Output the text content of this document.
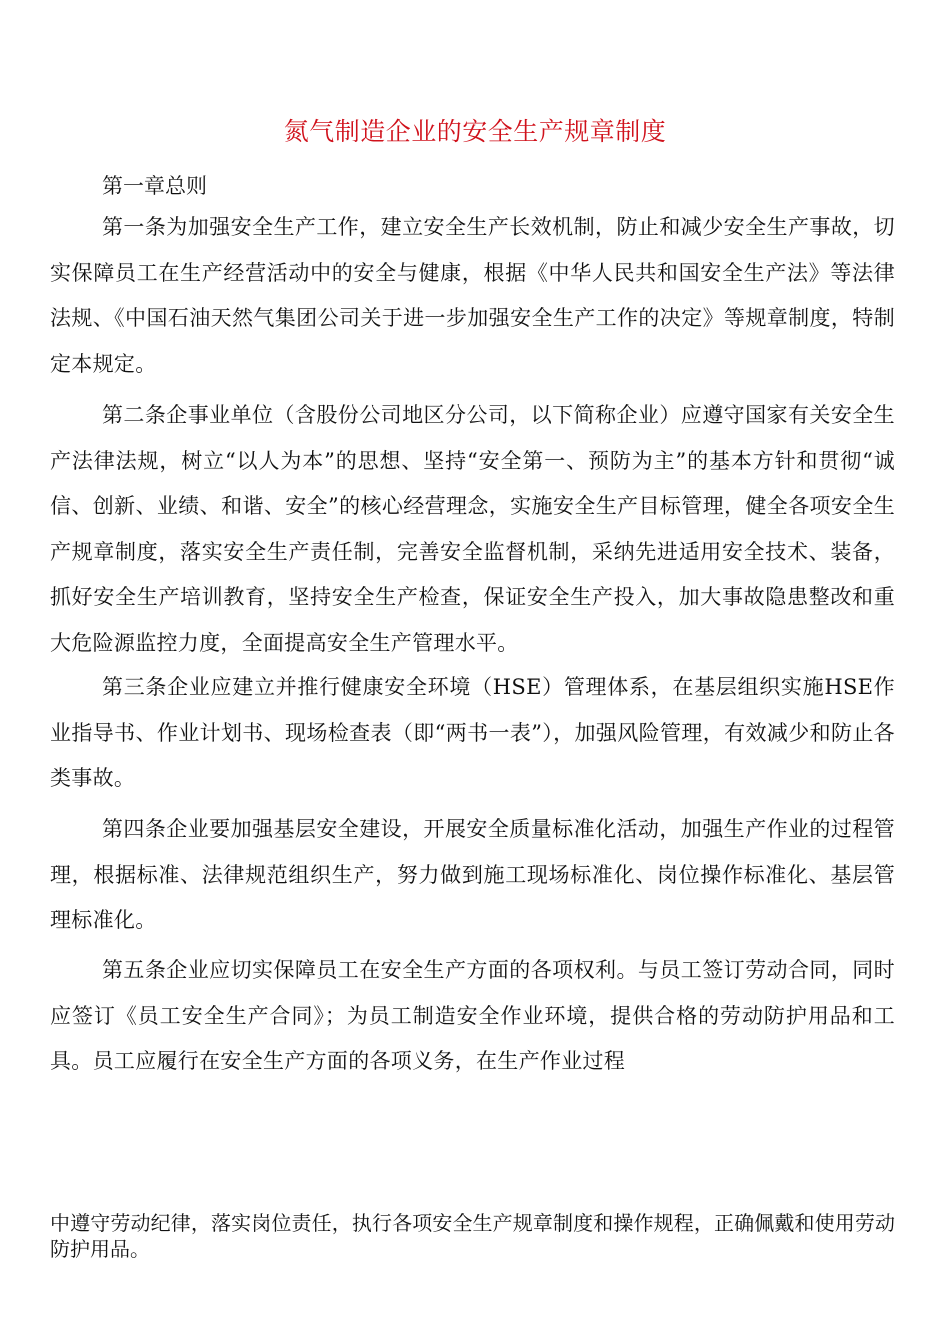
氮气制造企业的安全生产规章制度

第一章总则

第一条为加强安全生产工作，建立安全生产长效机制，防止和减少安全生产事故，切实保障员工在生产经营活动中的安全与健康，根据《中华人民共和国安全生产法》等法律法规、《中国石油天然气集团公司关于进一步加强安全生产工作的决定》等规章制度，特制定本规定。

第二条企事业单位（含股份公司地区分公司，以下简称企业）应遵守国家有关安全生产法律法规，树立“以人为本”的思想、坚持“安全第一、预防为主”的基本方针和贯彻“诚信、创新、业绩、和谐、安全”的核心经营理念，实施安全生产目标管理，健全各项安全生产规章制度，落实安全生产责任制，完善安全监督机制，采纳先进适用安全技术、装备，抓好安全生产培训教育，坚持安全生产检查，保证安全生产投入，加大事故隐患整改和重大危险源监控力度，全面提高安全生产管理水平。

第三条企业应建立并推行健康安全环境（HSE）管理体系，在基层组织实施HSE作业指导书、作业计划书、现场检查表（即“两书一表”），加强风险管理，有效减少和防止各类事故。

第四条企业要加强基层安全建设，开展安全质量标准化活动，加强生产作业的过程管理，根据标准、法律规范组织生产，努力做到施工现场标准化、岗位操作标准化、基层管理标准化。

第五条企业应切实保障员工在安全生产方面的各项权利。与员工签订劳动合同，同时应签订《员工安全生产合同》；为员工制造安全作业环境，提供合格的劳动防护用品和工具。员工应履行在安全生产方面的各项义务，在生产作业过程

中遵守劳动纪律，落实岗位责任，执行各项安全生产规章制度和操作规程，正确佩戴和使用劳动防护用品。
